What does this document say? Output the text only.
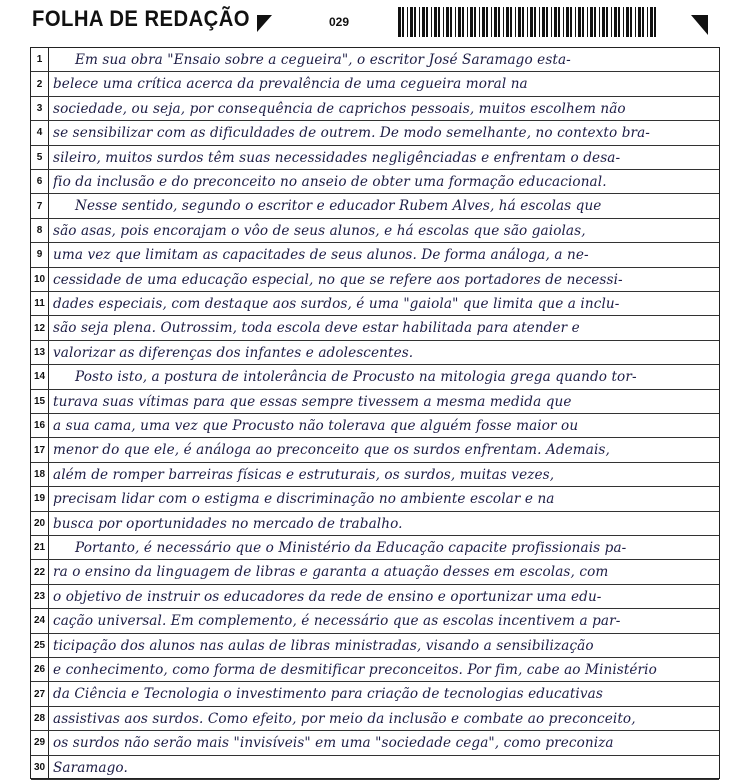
FOLHA DE REDAÇÃO	029
1	Em sua obra "Ensaio sobre a cegueira", o escritor José Saramago esta-
2 belece uma crítica acerca da prevalência de uma cegueira moral na
3 sociedade, ou seja, por consequência de caprichos pessoais, muitos escolhem não
4 se sensibilizar com as dificuldades de outrem. De modo semelhante, no contexto bra-
5 sileiro, muitos surdos têm suas necessidades negligênciadas e enfrentam o desa-
6 fio da inclusão e do preconceito no anseio de obter uma formação educacional.
7	Nesse sentido, segundo o escritor e educador Rubem Alves, há escolas que
8 são asas, pois encorajam o vôo de seus alunos, e há escolas que são gaiolas,
9 uma vez que limitam as capacitades de seus alunos. De forma análoga, a ne-
10 cessidade de uma educação especial, no que se refere aos portadores de necessi-
11 dades especiais, com destaque aos surdos, é uma "gaiola" que limita que a inclu-
12 são seja plena. Outrossim, toda escola deve estar habilitada para atender e
13 valorizar as diferenças dos infantes e adolescentes.
14	Posto isto, a postura de intolerância de Procusto na mitologia grega quando tor-
15 turava suas vítimas para que essas sempre tivessem a mesma medida que
16 a sua cama, uma vez que Procusto não tolerava que alguém fosse maior ou
17 menor do que ele, é análoga ao preconceito que os surdos enfrentam. Ademais,
18 além de romper barreiras físicas e estruturais, os surdos, muitas vezes,
19 precisam lidar com o estigma e discriminação no ambiente escolar e na
20 busca por oportunidades no mercado de trabalho.
21	Portanto, é necessário que o Ministério da Educação capacite profissionais pa-
22 ra o ensino da linguagem de libras e garanta a atuação desses em escolas, com
23 o objetivo de instruir os educadores da rede de ensino e oportunizar uma edu-
24 cação universal. Em complemento, é necessário que as escolas incentivem a par-
25 ticipação dos alunos nas aulas de libras ministradas, visando a sensibilização
26 e conhecimento, como forma de desmitificar preconceitos. Por fim, cabe ao Ministério
27 da Ciência e Tecnologia o investimento para criação de tecnologias educativas
28 assistivas aos surdos. Como efeito, por meio da inclusão e combate ao preconceito,
29 os surdos não serão mais "invisíveis" em uma "sociedade cega", como preconiza
30 Saramago.
